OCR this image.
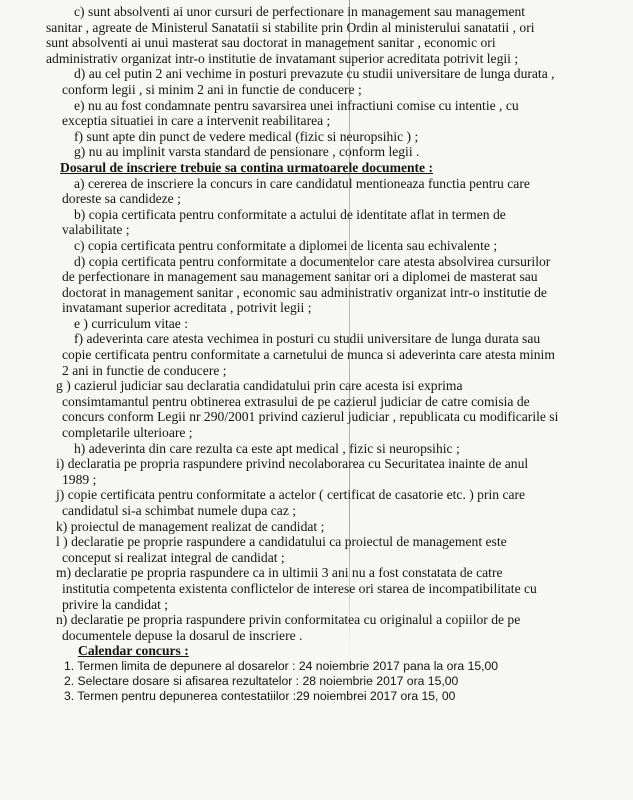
c) sunt absolventi ai unor cursuri de perfectionare in management sau management

sanitar , agreate de Ministerul Sanatatii si stabilite prin Ordin al ministerului sanatatii , ori

sunt absolventi ai unui masterat sau doctorat in management sanitar , economic ori

administrativ organizat intr-o institutie de invatamant superior acreditata potrivit legii ;

d) au cel putin 2 ani vechime in posturi prevazute cu studii universitare de lunga durata ,

conform legii , si minim 2 ani in functie de conducere ;

e) nu au fost condamnate pentru savarsirea unei infractiuni comise cu intentie , cu

exceptia situatiei in care a intervenit reabilitarea ;

f) sunt apte din punct de vedere medical (fizic si neuropsihic ) ;

g) nu au implinit varsta standard de pensionare , conform legii .

Dosarul de inscriere trebuie sa contina urmatoarele documente :

a) cererea de inscriere la concurs in care candidatul mentioneaza functia pentru care

doreste sa candideze ;

b) copia certificata pentru conformitate a actului de identitate aflat in termen de

valabilitate ;

c) copia certificata pentru conformitate a diplomei de licenta sau echivalente ;

d) copia certificata pentru conformitate a documentelor care atesta absolvirea cursurilor

de perfectionare in management sau management sanitar ori a diplomei de masterat sau

doctorat in management sanitar , economic sau administrativ organizat intr-o institutie de

invatamant superior acreditata , potrivit legii ;

e ) curriculum vitae :

f) adeverinta care atesta vechimea in posturi cu studii universitare de lunga durata sau

copie certificata pentru conformitate a carnetului de munca si adeverinta care atesta minim

2 ani in functie de conducere ;

g ) cazierul judiciar sau declaratia candidatului prin care acesta isi exprima

consimtamantul pentru obtinerea extrasului de pe cazierul judiciar de catre comisia de

concurs conform Legii nr 290/2001 privind cazierul judiciar , republicata cu modificarile si

completarile ulterioare ;

h) adeverinta din care rezulta ca este apt medical , fizic si neuropsihic ;

i) declaratia pe propria raspundere privind necolaborarea cu Securitatea inainte de anul

1989 ;

j) copie certificata pentru conformitate a actelor ( certificat de casatorie etc. ) prin care

candidatul si-a schimbat numele dupa caz ;

k) proiectul de management realizat de candidat ;

l ) declaratie pe proprie raspundere a candidatului ca proiectul de management este

conceput si realizat integral de candidat ;

m) declaratie pe propria raspundere ca in ultimii 3 ani nu a fost constatata de catre

institutia competenta existenta conflictelor de interese ori starea de incompatibilitate cu

privire la candidat ;

n) declaratie pe propria raspundere privin conformitatea cu originalul a copiilor de pe

documentele depuse la dosarul de inscriere .

Calendar concurs :

1. Termen limita de depunere al dosarelor : 24 noiembrie 2017 pana la ora 15,00

2. Selectare dosare si afisarea rezultatelor : 28 noiembrie 2017 ora 15,00

3. Termen pentru depunerea contestatiilor :29 noiembrei 2017 ora 15, 00
